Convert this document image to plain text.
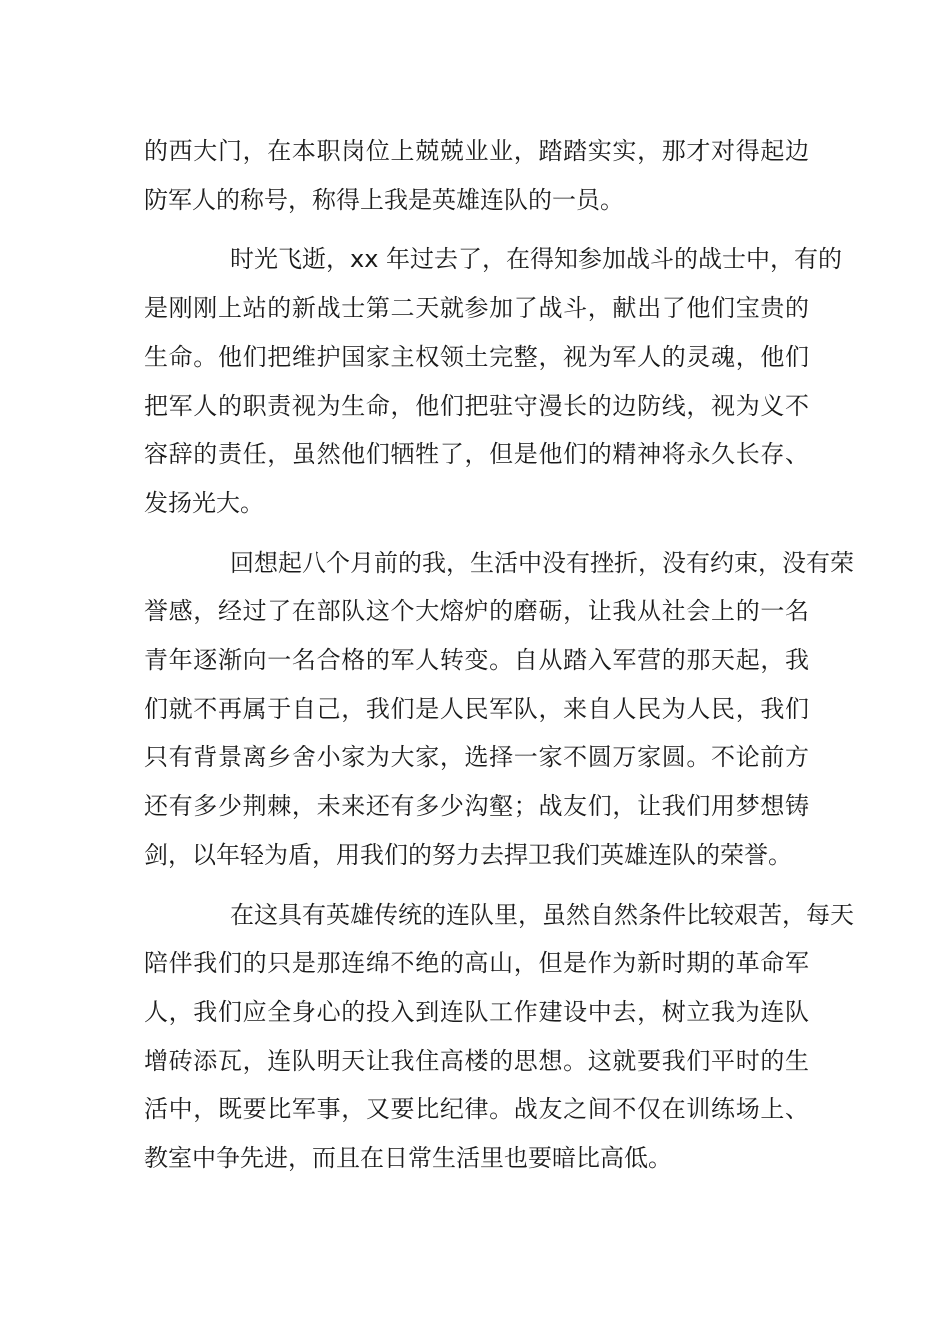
的西大门，在本职岗位上兢兢业业，踏踏实实，那才对得起边
防军人的称号，称得上我是英雄连队的一员。

时光飞逝，xx 年过去了，在得知参加战斗的战士中，有的
是刚刚上站的新战士第二天就参加了战斗，献出了他们宝贵的
生命。他们把维护国家主权领土完整，视为军人的灵魂，他们
把军人的职责视为生命，他们把驻守漫长的边防线，视为义不
容辞的责任，虽然他们牺牲了，但是他们的精神将永久长存、
发扬光大。

回想起八个月前的我，生活中没有挫折，没有约束，没有荣
誉感，经过了在部队这个大熔炉的磨砺，让我从社会上的一名
青年逐渐向一名合格的军人转变。自从踏入军营的那天起，我
们就不再属于自己，我们是人民军队，来自人民为人民，我们
只有背景离乡舍小家为大家，选择一家不圆万家圆。不论前方
还有多少荆棘，未来还有多少沟壑；战友们，让我们用梦想铸
剑，以年轻为盾，用我们的努力去捍卫我们英雄连队的荣誉。

在这具有英雄传统的连队里，虽然自然条件比较艰苦，每天
陪伴我们的只是那连绵不绝的高山，但是作为新时期的革命军
人，我们应全身心的投入到连队工作建设中去，树立我为连队
增砖添瓦，连队明天让我住高楼的思想。这就要我们平时的生
活中，既要比军事，又要比纪律。战友之间不仅在训练场上、
教室中争先进，而且在日常生活里也要暗比高低。
